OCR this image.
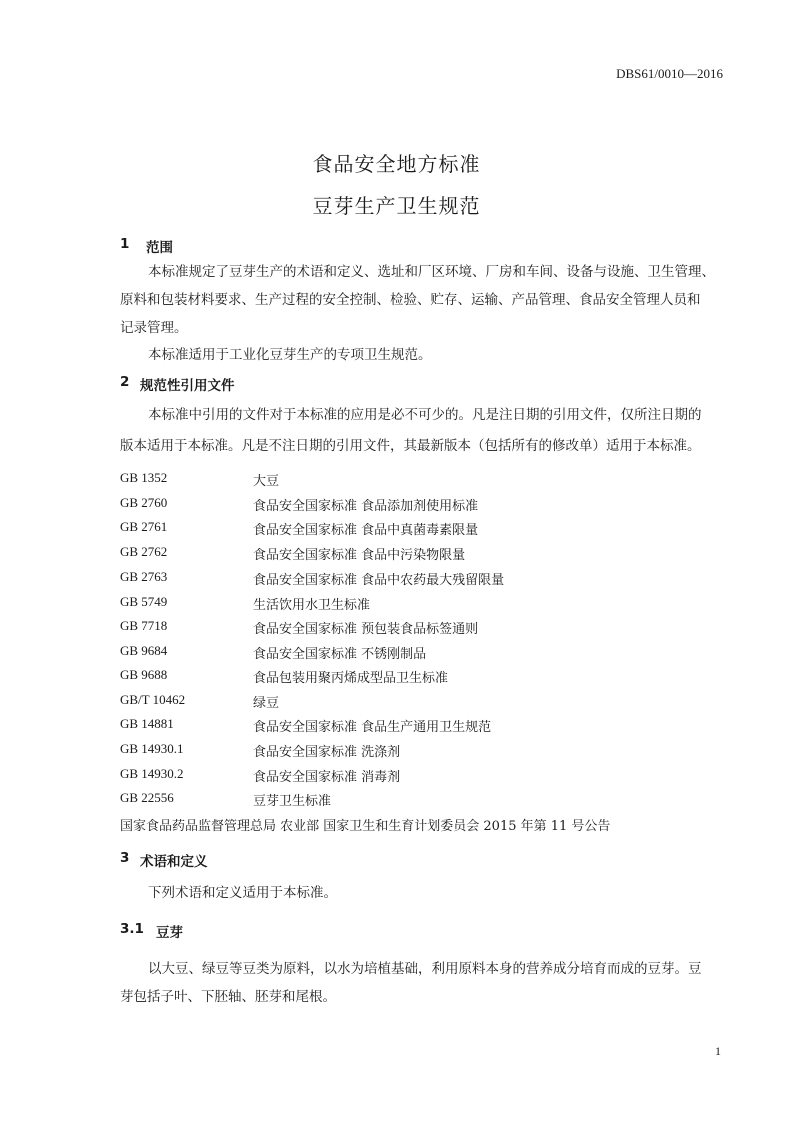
DBS61/0010—2016
食品安全地方标准
豆芽生产卫生规范
1 范围
本标准规定了豆芽生产的术语和定义、选址和厂区环境、厂房和车间、设备与设施、卫生管理、
原料和包装材料要求、生产过程的安全控制、检验、贮存、运输、产品管理、食品安全管理人员和
记录管理。
本标准适用于工业化豆芽生产的专项卫生规范。
2 规范性引用文件
本标准中引用的文件对于本标准的应用是必不可少的。凡是注日期的引用文件，仅所注日期的
版本适用于本标准。凡是不注日期的引用文件，其最新版本（包括所有的修改单）适用于本标准。
GB 1352	大豆
GB 2760	食品安全国家标准 食品添加剂使用标准
GB 2761	食品安全国家标准 食品中真菌毒素限量
GB 2762	食品安全国家标准 食品中污染物限量
GB 2763	食品安全国家标准 食品中农药最大残留限量
GB 5749	生活饮用水卫生标准
GB 7718	食品安全国家标准 预包装食品标签通则
GB 9684	食品安全国家标准 不锈刚制品
GB 9688	食品包装用聚丙烯成型品卫生标准
GB/T 10462	绿豆
GB 14881	食品安全国家标准 食品生产通用卫生规范
GB 14930.1	食品安全国家标准 洗涤剂
GB 14930.2	食品安全国家标准 消毒剂
GB 22556	豆芽卫生标准
国家食品药品监督管理总局 农业部 国家卫生和生育计划委员会 2015 年第 11 号公告
3 术语和定义
下列术语和定义适用于本标准。
3.1 豆芽
以大豆、绿豆等豆类为原料，以水为培植基础，利用原料本身的营养成分培育而成的豆芽。豆
芽包括子叶、下胚轴、胚芽和尾根。
1
